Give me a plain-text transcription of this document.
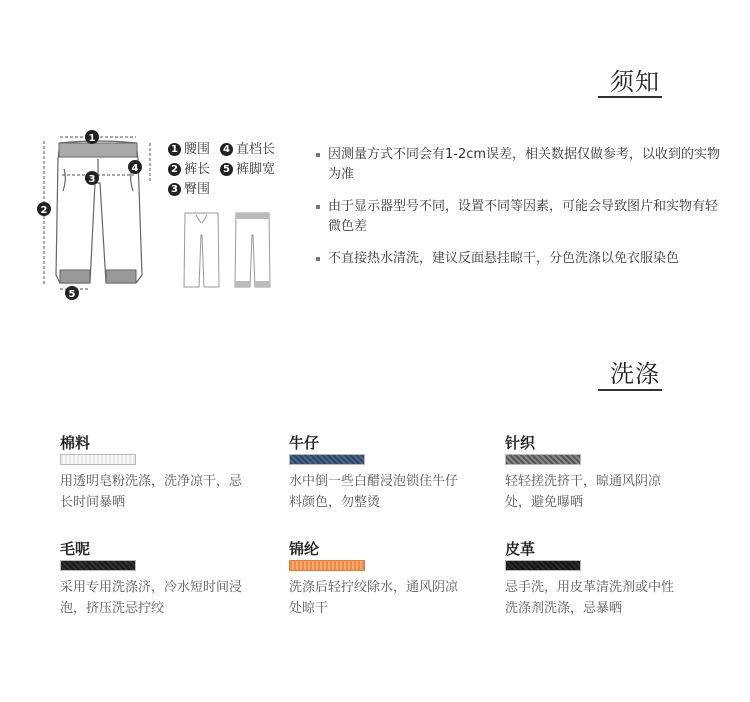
须知
1
2
3
4
5
1 腰围	4 直档长
2 裤长	5 裤脚宽
3 臀围
因测量方式不同会有1-2cm误差，相关数据仅做参考，以收到的实物为准
由于显示器型号不同，设置不同等因素，可能会导致图片和实物有轻微色差
不直接热水清洗，建议反面悬挂晾干，分色洗涤以免衣服染色
洗涤
棉料
用透明皂粉洗涤，洗净凉干，忌长时间暴晒
牛仔
水中倒一些白醋浸泡锁住牛仔料颜色，勿整烫
针织
轻轻搓洗挤干，晾通风阴凉处，避免曝晒
毛呢
采用专用洗涤济，冷水短时间浸泡，挤压洗忌拧绞
锦纶
洗涤后轻拧绞除水，通风阴凉处晾干
皮革
忌手洗，用皮革清洗剂或中性洗涤剂洗涤，忌暴晒
